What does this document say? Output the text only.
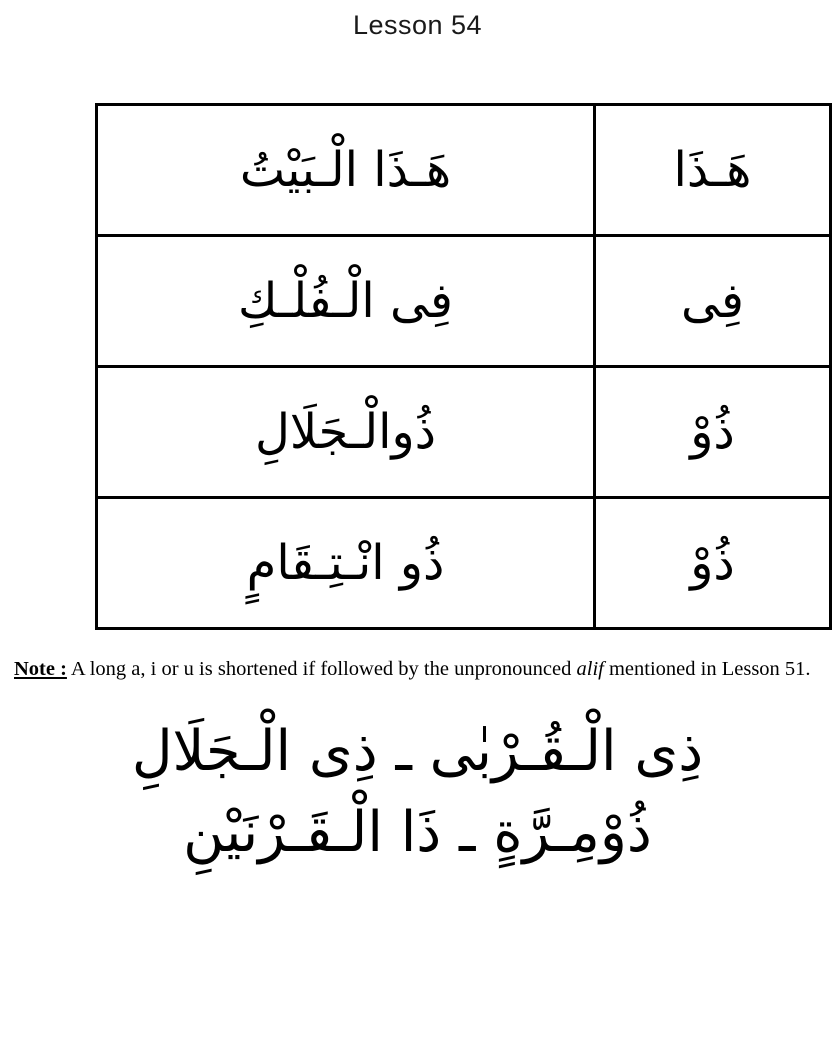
Lesson 54
هَـذَا	هَـذَا الْـبَيْتُ
فِى	فِى الْـفُلْـكِ
ذُوْ	ذُوالْـجَلَالِ
ذُوْ	ذُو انْـتِـقَامٍ
Note : A long a, i or u is shortened if followed by the unpronounced alif mentioned in Lesson 51.
ذِى الْـقُـرْبٰى ـ ذِى الْـجَلَالِ
ذُوْمِـرَّةٍ ـ ذَا الْـقَـرْنَيْنِ
